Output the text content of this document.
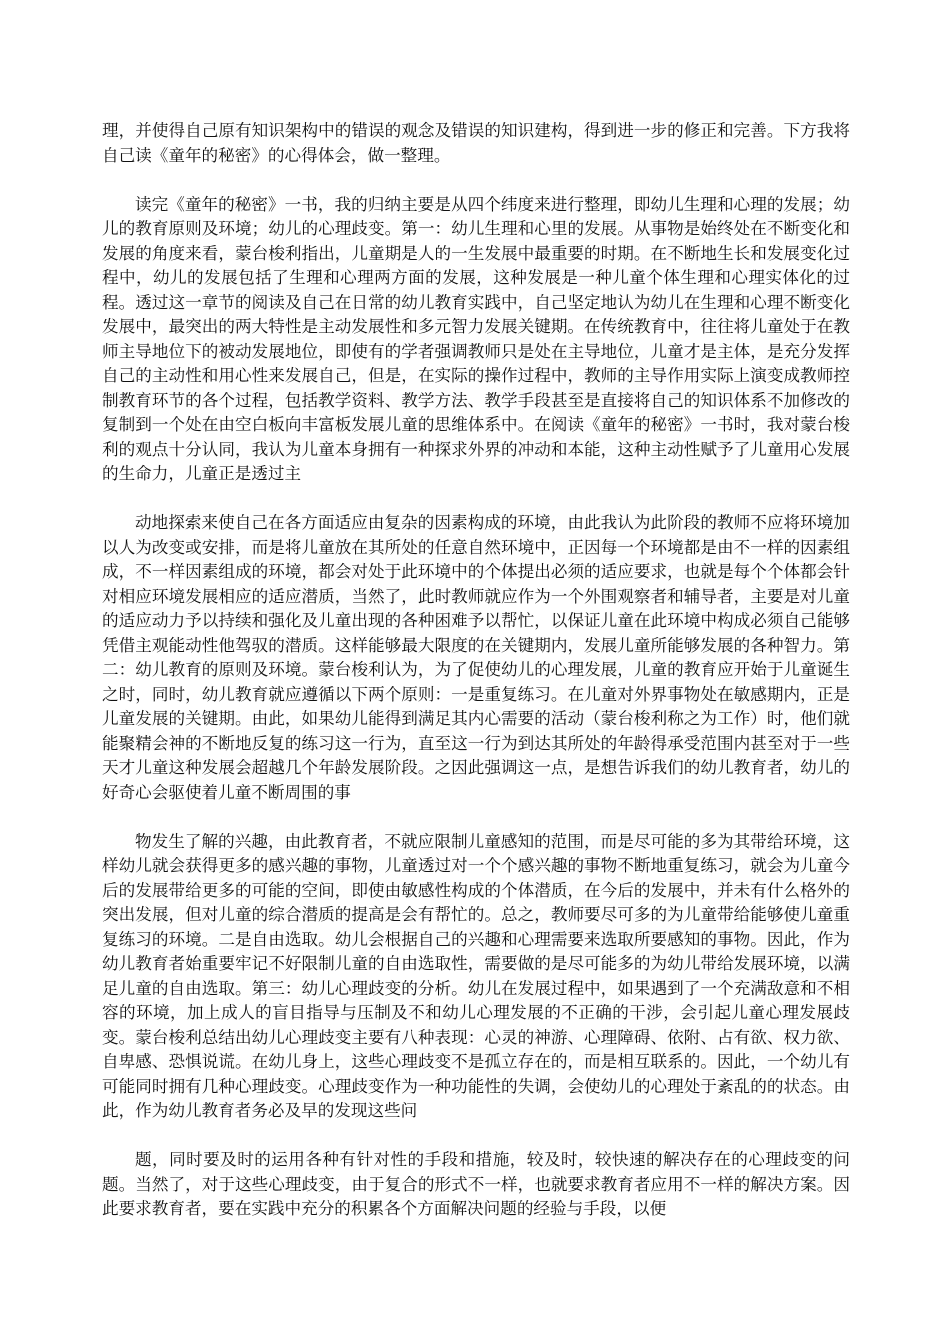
理，并使得自己原有知识架构中的错误的观念及错误的知识建构，得到进一步的修正和完善。下方我将自己读《童年的秘密》的心得体会，做一整理。

读完《童年的秘密》一书，我的归纳主要是从四个纬度来进行整理，即幼儿生理和心理的发展；幼儿的教育原则及环境；幼儿的心理歧变。第一：幼儿生理和心里的发展。从事物是始终处在不断变化和发展的角度来看，蒙台梭利指出，儿童期是人的一生发展中最重要的时期。在不断地生长和发展变化过程中，幼儿的发展包括了生理和心理两方面的发展，这种发展是一种儿童个体生理和心理实体化的过程。透过这一章节的阅读及自己在日常的幼儿教育实践中，自己坚定地认为幼儿在生理和心理不断变化发展中，最突出的两大特性是主动发展性和多元智力发展关键期。在传统教育中，往往将儿童处于在教师主导地位下的被动发展地位，即使有的学者强调教师只是处在主导地位，儿童才是主体，是充分发挥自己的主动性和用心性来发展自己，但是，在实际的操作过程中，教师的主导作用实际上演变成教师控制教育环节的各个过程，包括教学资料、教学方法、教学手段甚至是直接将自己的知识体系不加修改的复制到一个处在由空白板向丰富板发展儿童的思维体系中。在阅读《童年的秘密》一书时，我对蒙台梭利的观点十分认同，我认为儿童本身拥有一种探求外界的冲动和本能，这种主动性赋予了儿童用心发展的生命力，儿童正是透过主

动地探索来使自己在各方面适应由复杂的因素构成的环境，由此我认为此阶段的教师不应将环境加以人为改变或安排，而是将儿童放在其所处的任意自然环境中，正因每一个环境都是由不一样的因素组成，不一样因素组成的环境，都会对处于此环境中的个体提出必须的适应要求，也就是每个个体都会针对相应环境发展相应的适应潜质，当然了，此时教师就应作为一个外围观察者和辅导者，主要是对儿童的适应动力予以持续和强化及儿童出现的各种困难予以帮忙，以保证儿童在此环境中构成必须自己能够凭借主观能动性他驾驭的潜质。这样能够最大限度的在关键期内，发展儿童所能够发展的各种智力。第二：幼儿教育的原则及环境。蒙台梭利认为，为了促使幼儿的心理发展，儿童的教育应开始于儿童诞生之时，同时，幼儿教育就应遵循以下两个原则：一是重复练习。在儿童对外界事物处在敏感期内，正是儿童发展的关键期。由此，如果幼儿能得到满足其内心需要的活动（蒙台梭利称之为工作）时，他们就能聚精会神的不断地反复的练习这一行为，直至这一行为到达其所处的年龄得承受范围内甚至对于一些天才儿童这种发展会超越几个年龄发展阶段。之因此强调这一点，是想告诉我们的幼儿教育者，幼儿的好奇心会驱使着儿童不断周围的事

物发生了解的兴趣，由此教育者，不就应限制儿童感知的范围，而是尽可能的多为其带给环境，这样幼儿就会获得更多的感兴趣的事物，儿童透过对一个个感兴趣的事物不断地重复练习，就会为儿童今后的发展带给更多的可能的空间，即使由敏感性构成的个体潜质，在今后的发展中，并未有什么格外的突出发展，但对儿童的综合潜质的提高是会有帮忙的。总之，教师要尽可多的为儿童带给能够使儿童重复练习的环境。二是自由选取。幼儿会根据自己的兴趣和心理需要来选取所要感知的事物。因此，作为幼儿教育者始重要牢记不好限制儿童的自由选取性，需要做的是尽可能多的为幼儿带给发展环境，以满足儿童的自由选取。第三：幼儿心理歧变的分析。幼儿在发展过程中，如果遇到了一个充满敌意和不相容的环境，加上成人的盲目指导与压制及不和幼儿心理发展的不正确的干涉，会引起儿童心理发展歧变。蒙台梭利总结出幼儿心理歧变主要有八种表现：心灵的神游、心理障碍、依附、占有欲、权力欲、自卑感、恐惧说谎。在幼儿身上，这些心理歧变不是孤立存在的，而是相互联系的。因此，一个幼儿有可能同时拥有几种心理歧变。心理歧变作为一种功能性的失调，会使幼儿的心理处于紊乱的的状态。由此，作为幼儿教育者务必及早的发现这些问

题，同时要及时的运用各种有针对性的手段和措施，较及时，较快速的解决存在的心理歧变的问题。当然了，对于这些心理歧变，由于复合的形式不一样，也就要求教育者应用不一样的解决方案。因此要求教育者，要在实践中充分的积累各个方面解决问题的经验与手段，以便
